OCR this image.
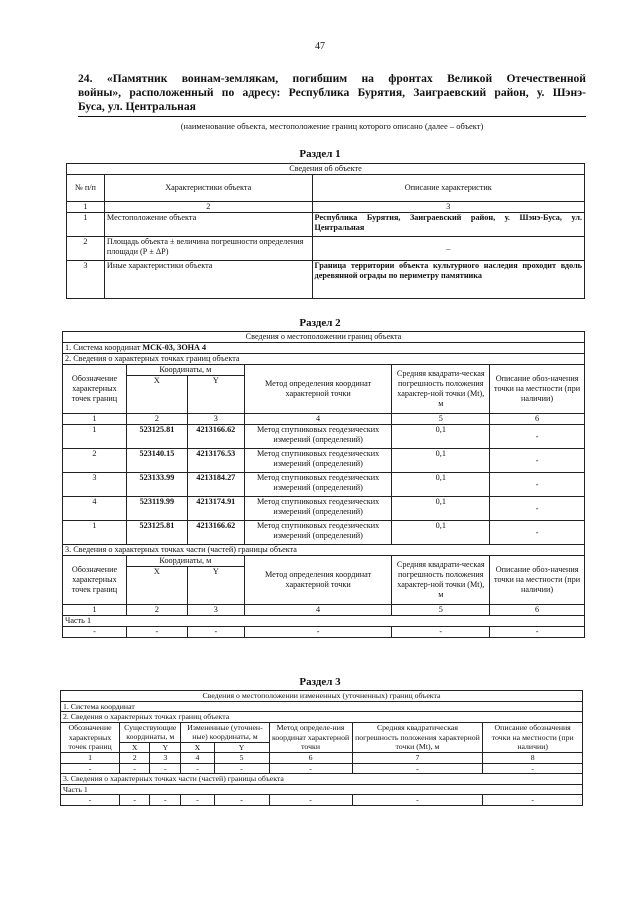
47
24. «Памятник воинам-землякам, погибшим на фронтах Великой Отечественной
войны», расположенный по адресу: Республика Бурятия, Заиграевский район, у. Шэнэ-
Буса, ул. Центральная
(наименование объекта, местоположение границ которого описано (далее – объект)
Раздел 1
Сведения об объекте		
№ п/п	Характеристики объекта	Описание характеристик
1	2	3
1	Местоположение объекта	Республика Бурятия, Заиграевский район, у. Шэнэ-Буса, ул. Центральная
2	Площадь объекта ± величина погрешности определения площади (Р ± ΔР)	–
3	Иные характеристики объекта	Граница территории объекта культурного наследия проходит вдоль деревянной ограды по периметру памятника
Раздел 2
Сведения о местоположении границ объекта					
1. Система координат МСК-03, ЗОНА 4					
2. Сведения о характерных точках границ объекта					
Обозначение характерных точек границ	Координаты, м		Метод определения координат характерной точки	Средняя квадрати-ческая погрешность положения характер-ной точки (Mt), м	Описание обоз-начения точки на местности (при наличии)
	X	Y			
1	2	3	4	5	6
1	523125.81	4213166.62	Метод спутниковых геодезических измерений (определений)	0,1	-
2	523140.15	4213176.53	Метод спутниковых геодезических измерений (определений)	0,1	-
3	523133.99	4213184.27	Метод спутниковых геодезических измерений (определений)	0,1	-
4	523119.99	4213174.91	Метод спутниковых геодезических измерений (определений)	0,1	-
1	523125.81	4213166.62	Метод спутниковых геодезических измерений (определений)	0,1	-
3. Сведения о характерных точках части (частей) границы объекта					
Обозначение характерных точек границ	Координаты, м		Метод определения координат характерной точки	Средняя квадрати-ческая погрешность положения характер-ной точки (Mt), м	Описание обоз-начения точки на местности (при наличии)
	X	Y			
1	2	3	4	5	6
Часть 1					
-	-	-	-	-	-
Раздел 3
Сведения о местоположении измененных (уточненных) границ объекта							
1. Система координат							
2. Сведения о характерных точках границ объекта							
Обозначение характерных точек границ	Существующие координаты, м		Измененные (уточнен-ные) координаты, м		Метод определе-ния координат характерной точки	Средняя квадратическая погрешность положения характерной точки (Mt), м	Описание обозначения точки на местности (при наличии)
	X	Y	X	Y			
1	2	3	4	5	6	7	8
-	-	-	-	-	-	-	-
3. Сведения о характерных точках части (частей) границы объекта							
Часть 1							
-	-	-	-	-	-	-	-
